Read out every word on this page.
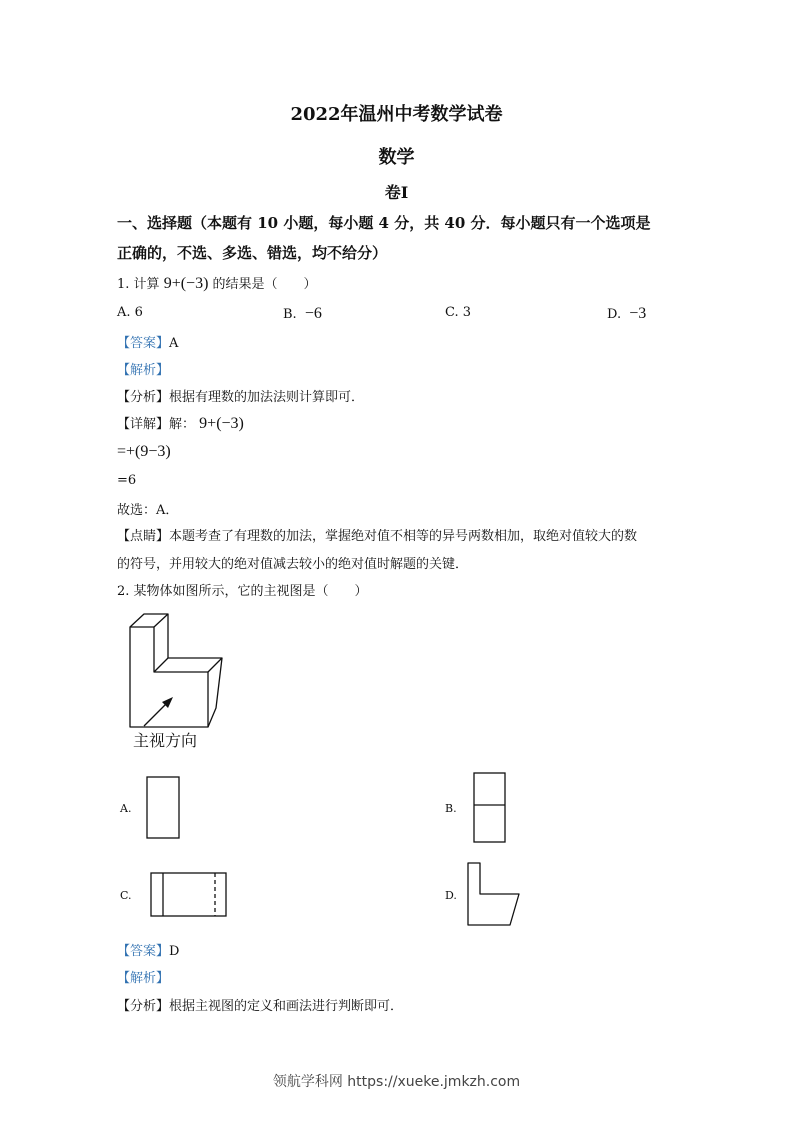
2022年温州中考数学试卷
数学
卷I
一、选择题（本题有 10 小题，每小题 4 分，共 40 分．每小题只有一个选项是
正确的，不选、多选、错选，均不给分）
1. 计算 9+(−3) 的结果是（　　）
A. 6	B. −6	C. 3	D. −3
【答案】A
【解析】
【分析】根据有理数的加法法则计算即可．
【详解】解： 9+(−3)
=+(9−3)
=6
故选：A．
【点睛】本题考查了有理数的加法，掌握绝对值不相等的异号两数相加，取绝对值较大的数
的符号，并用较大的绝对值减去较小的绝对值时解题的关键．
2. 某物体如图所示，它的主视图是（　　）
主视方向
A.	B.
C.	D.
【答案】D
【解析】
【分析】根据主视图的定义和画法进行判断即可．
领航学科网 https://xueke.jmkzh.com
